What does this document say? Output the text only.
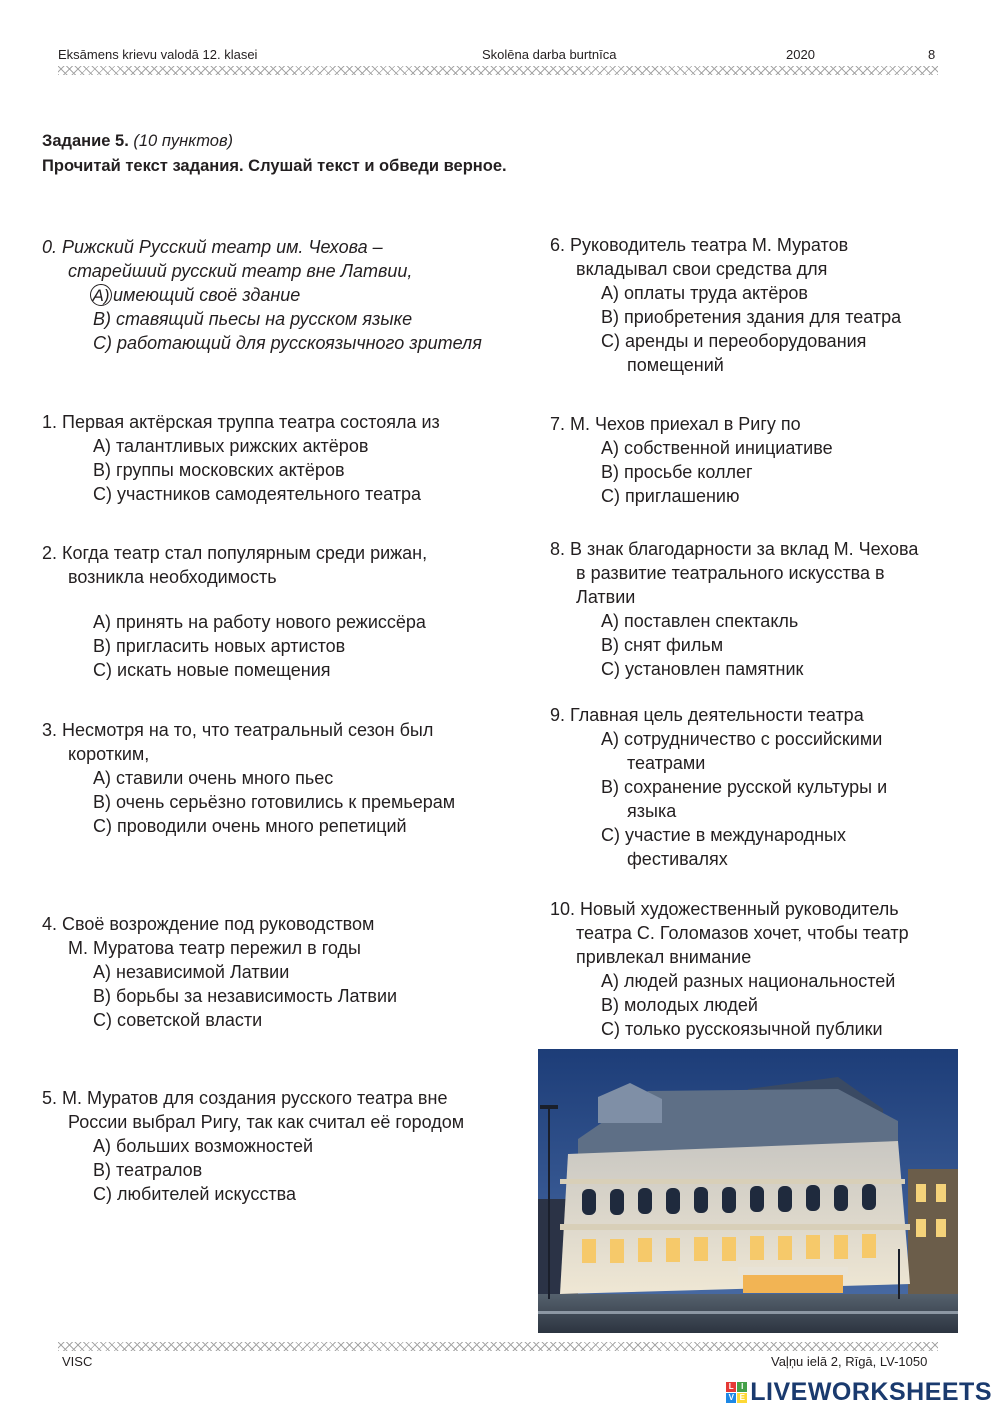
Eksāmens krievu valodā 12. klasei	Skolēna darba burtnīca	2020	8
Задание 5. (10 пунктов)
Прочитай текст задания. Слушай текст и обведи верное.
0. Рижский Русский театр им. Чехова –
старейший русский театр вне Латвии,
A) имеющий своё здание
B) ставящий пьесы на русском языке
C) работающий для русскоязычного зрителя
1. Первая актёрская труппа театра состояла из
A) талантливых рижских актёров
B) группы московских актёров
C) участников самодеятельного театра
2. Когда театр стал популярным среди рижан,
возникла необходимость
A) принять на работу нового режиссёра
B) пригласить новых артистов
C) искать новые помещения
3. Несмотря на то, что театральный сезон был
коротким,
A) ставили очень много пьес
B) очень серьёзно готовились к премьерам
C) проводили очень много репетиций
4. Своё возрождение под руководством
М. Муратова театр пережил в годы
A) независимой Латвии
B) борьбы за независимость Латвии
C) советской власти
5. М. Муратов для создания русского театра вне
России выбрал Ригу, так как считал её городом
A) больших возможностей
B) театралов
C) любителей искусства
6. Руководитель театра М. Муратов
вкладывал свои средства для
A) оплаты труда актёров
B) приобретения здания для театра
C) аренды и переоборудования помещений
7. М. Чехов приехал в Ригу по
A) собственной инициативе
B) просьбе коллег
C) приглашению
8. В знак благодарности за вклад М. Чехова
в развитие театрального искусства в
Латвии
A) поставлен спектакль
B) снят фильм
C) установлен памятник
9. Главная цель деятельности театра
A) сотрудничество с российскими театрами
B) сохранение русской культуры и языка
C) участие в международных фестивалях
10. Новый художественный руководитель
театра С. Голомазов хочет, чтобы театр
привлекал внимание
A) людей разных национальностей
B) молодых людей
C) только русскоязычной публики
VISC	Vaļņu ielā 2, Rīgā, LV-1050
L I
V E LIVEWORKSHEETS
